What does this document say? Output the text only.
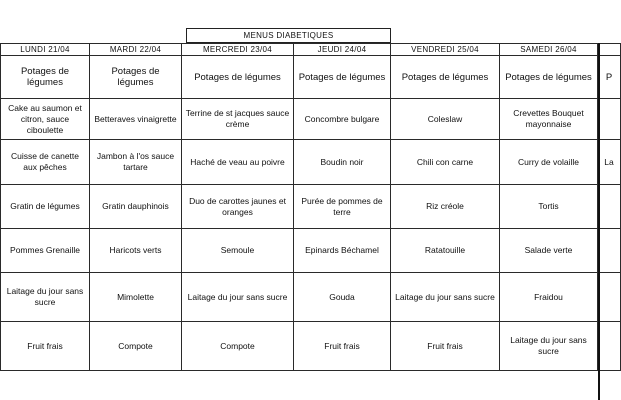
MENUS DIABETIQUES
LUNDI 21/04	MARDI 22/04	MERCREDI 23/04	JEUDI 24/04	VENDREDI 25/04	SAMEDI 26/04	
Potages de légumes	Potages de légumes	Potages de légumes	Potages de légumes	Potages de légumes	Potages de légumes	P
Cake au saumon et citron, sauce ciboulette	Betteraves vinaigrette	Terrine de st jacques sauce crème	Concombre bulgare	Coleslaw	Crevettes Bouquet mayonnaise	
Cuisse de canette aux pêches	Jambon à l'os sauce tartare	Haché de veau au poivre	Boudin noir	Chili con carne	Curry de volaille	La
Gratin de légumes	Gratin dauphinois	Duo de carottes jaunes et oranges	Purée de pommes de terre	Riz créole	Tortis	
Pommes Grenaille	Haricots verts	Semoule	Epinards Béchamel	Ratatouille	Salade verte	
Laitage du jour sans sucre	Mimolette	Laitage du jour sans sucre	Gouda	Laitage du jour sans sucre	Fraidou	
Fruit frais	Compote	Compote	Fruit frais	Fruit frais	Laitage du jour sans sucre	
